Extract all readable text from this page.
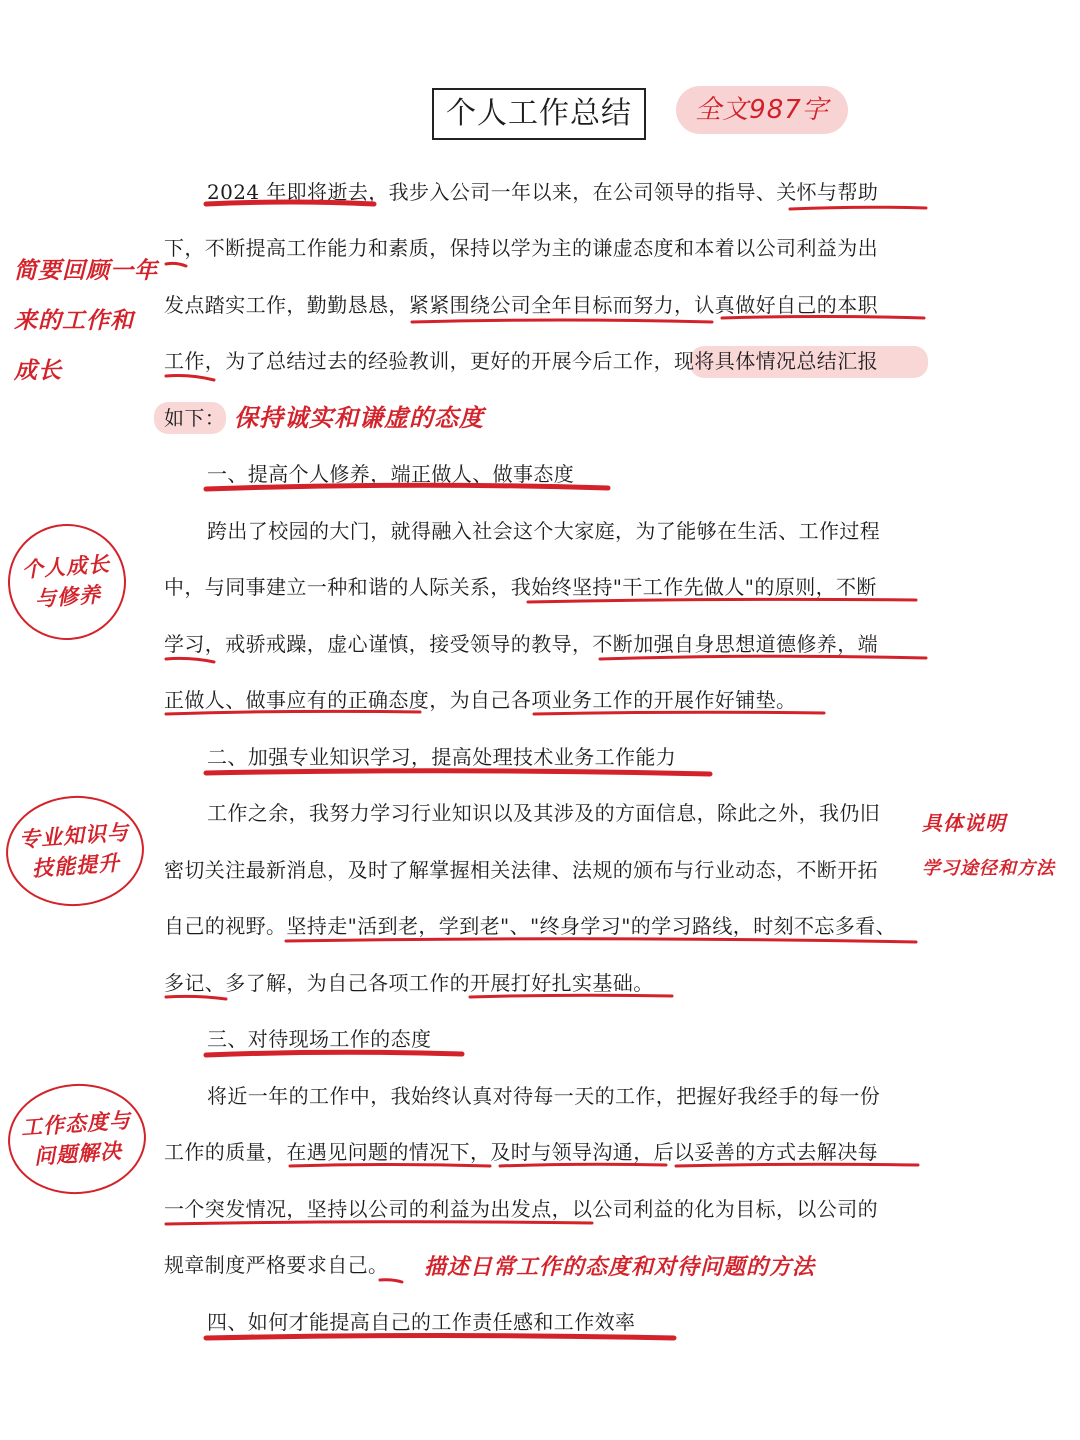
个人工作总结	全文987字
2024 年即将逝去，我步入公司一年以来，在公司领导的指导、关怀与帮助
下，不断提高工作能力和素质，保持以学为主的谦虚态度和本着以公司利益为出
发点踏实工作，勤勤恳恳，紧紧围绕公司全年目标而努力，认真做好自己的本职
工作，为了总结过去的经验教训，更好的开展今后工作，现将具体情况总结汇报
如下：
一、提高个人修养，端正做人、做事态度
跨出了校园的大门，就得融入社会这个大家庭，为了能够在生活、工作过程
中，与同事建立一种和谐的人际关系，我始终坚持"干工作先做人"的原则，不断
学习，戒骄戒躁，虚心谨慎，接受领导的教导，不断加强自身思想道德修养，端
正做人、做事应有的正确态度，为自己各项业务工作的开展作好铺垫。
二、加强专业知识学习，提高处理技术业务工作能力
工作之余，我努力学习行业知识以及其涉及的方面信息，除此之外，我仍旧
密切关注最新消息，及时了解掌握相关法律、法规的颁布与行业动态，不断开拓
自己的视野。坚持走"活到老，学到老"、"终身学习"的学习路线，时刻不忘多看、
多记、多了解，为自己各项工作的开展打好扎实基础。
三、对待现场工作的态度
将近一年的工作中，我始终认真对待每一天的工作，把握好我经手的每一份
工作的质量，在遇见问题的情况下，及时与领导沟通，后以妥善的方式去解决每
一个突发情况，坚持以公司的利益为出发点，以公司利益的化为目标，以公司的
规章制度严格要求自己。
四、如何才能提高自己的工作责任感和工作效率
简要回顾一年
来的工作和
成长
保持诚实和谦虚的态度
个人成长
与修养
专业知识与
技能提升
具体说明
学习途径和方法
工作态度与
问题解决
描述日常工作的态度和对待问题的方法
